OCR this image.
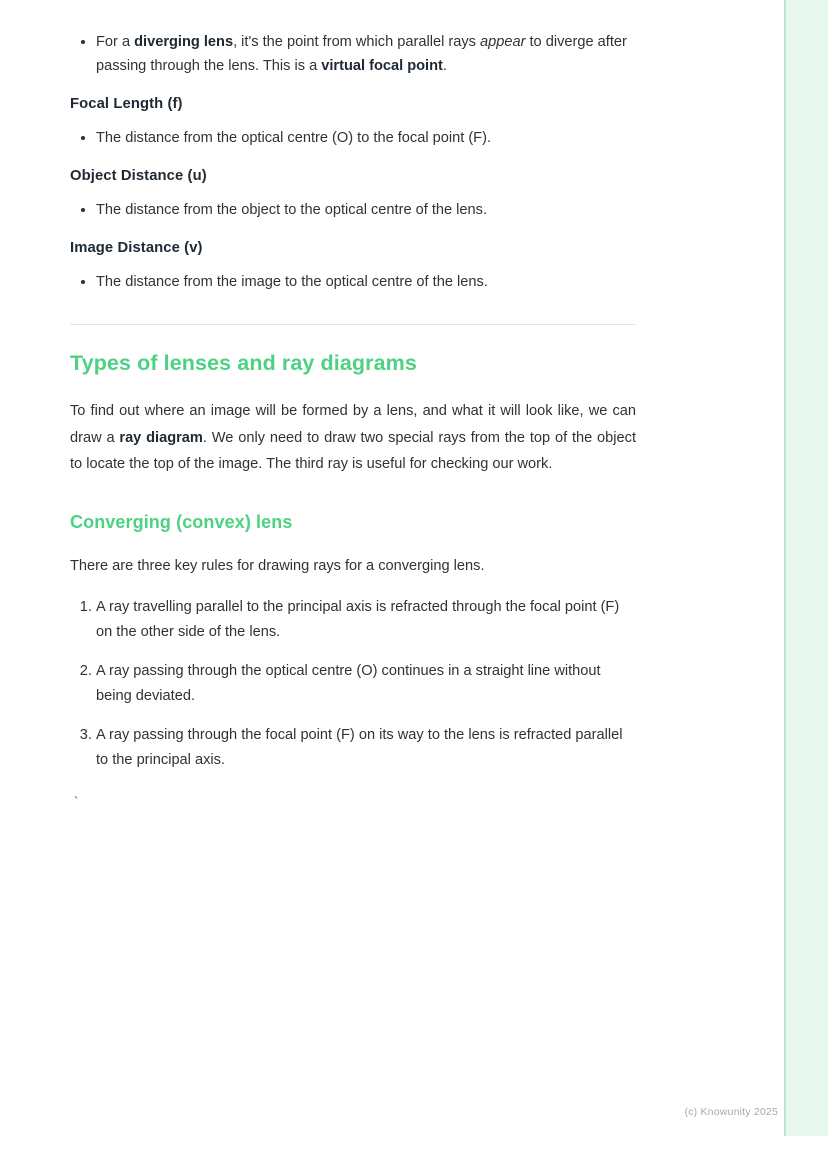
• For a diverging lens, it's the point from which parallel rays appear to diverge after passing through the lens. This is a virtual focal point.
Focal Length (f)
• The distance from the optical centre (O) to the focal point (F).
Object Distance (u)
• The distance from the object to the optical centre of the lens.
Image Distance (v)
• The distance from the image to the optical centre of the lens.
Types of lenses and ray diagrams

To find out where an image will be formed by a lens, and what it will look like, we can draw a ray diagram. We only need to draw two special rays from the top of the object to locate the top of the image. The third ray is useful for checking our work.

Converging (convex) lens

There are three key rules for drawing rays for a converging lens.

1. A ray travelling parallel to the principal axis is refracted through the focal point (F) on the other side of the lens.
2. A ray passing through the optical centre (O) continues in a straight line without being deviated.
3. A ray passing through the focal point (F) on its way to the lens is refracted parallel to the principal axis.
`
(c) Knowunity 2025
